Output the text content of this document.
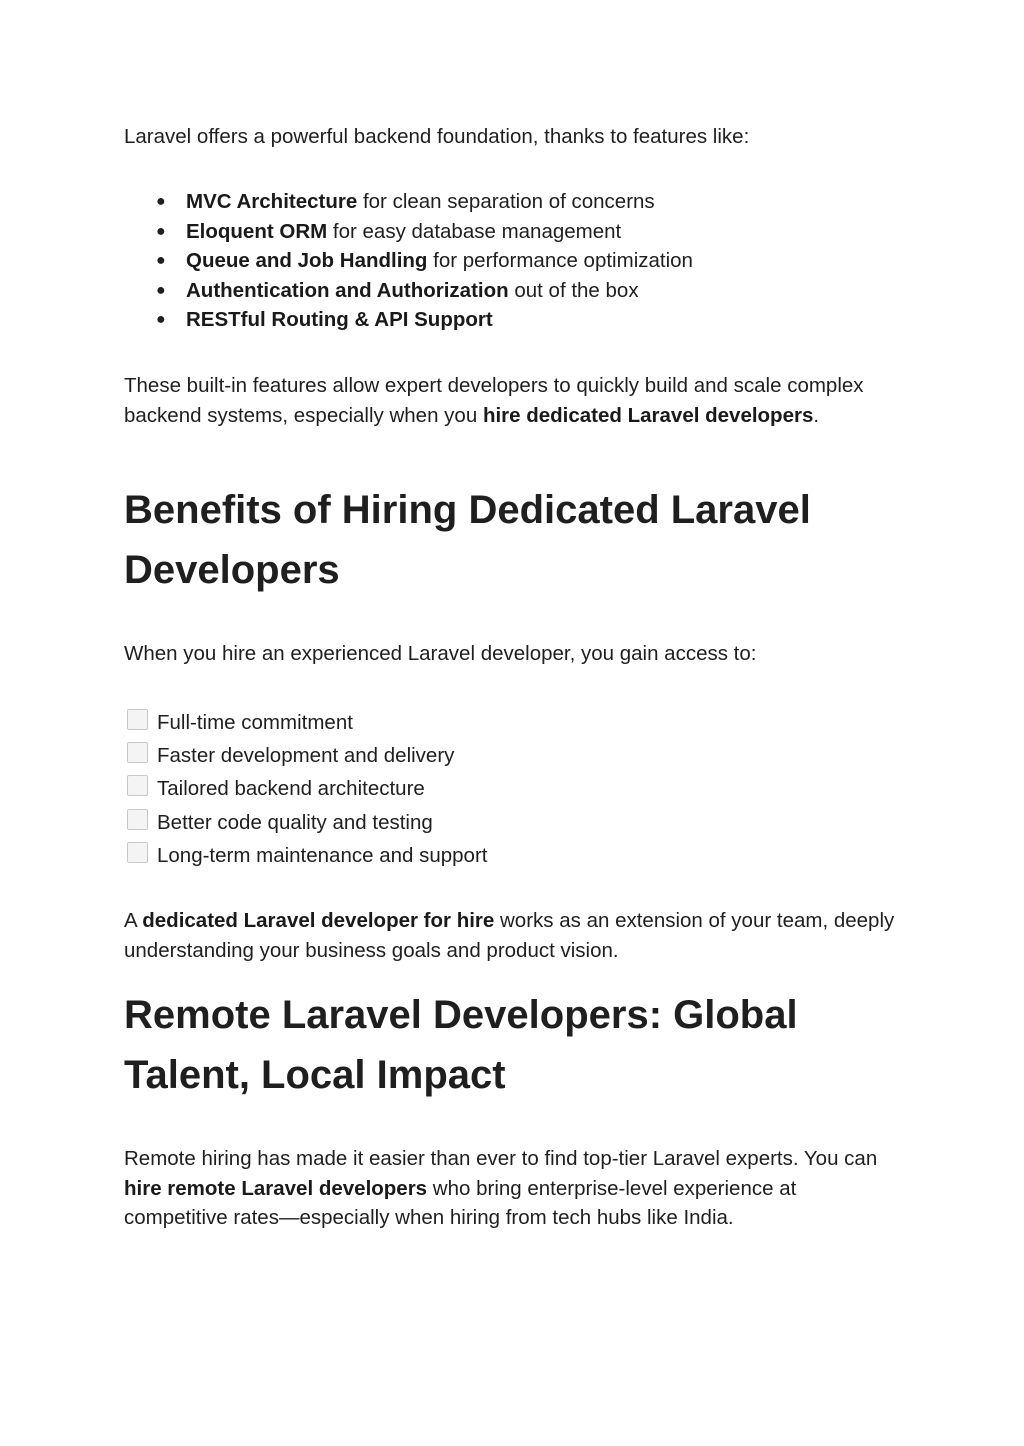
Laravel offers a powerful backend foundation, thanks to features like:

● MVC Architecture for clean separation of concerns
● Eloquent ORM for easy database management
● Queue and Job Handling for performance optimization
● Authentication and Authorization out of the box
● RESTful Routing & API Support

These built-in features allow expert developers to quickly build and scale complex backend systems, especially when you hire dedicated Laravel developers.

Benefits of Hiring Dedicated Laravel Developers

When you hire an experienced Laravel developer, you gain access to:

Full-time commitment
Faster development and delivery
Tailored backend architecture
Better code quality and testing
Long-term maintenance and support

A dedicated Laravel developer for hire works as an extension of your team, deeply understanding your business goals and product vision.

Remote Laravel Developers: Global Talent, Local Impact

Remote hiring has made it easier than ever to find top-tier Laravel experts. You can hire remote Laravel developers who bring enterprise-level experience at competitive rates—especially when hiring from tech hubs like India.
